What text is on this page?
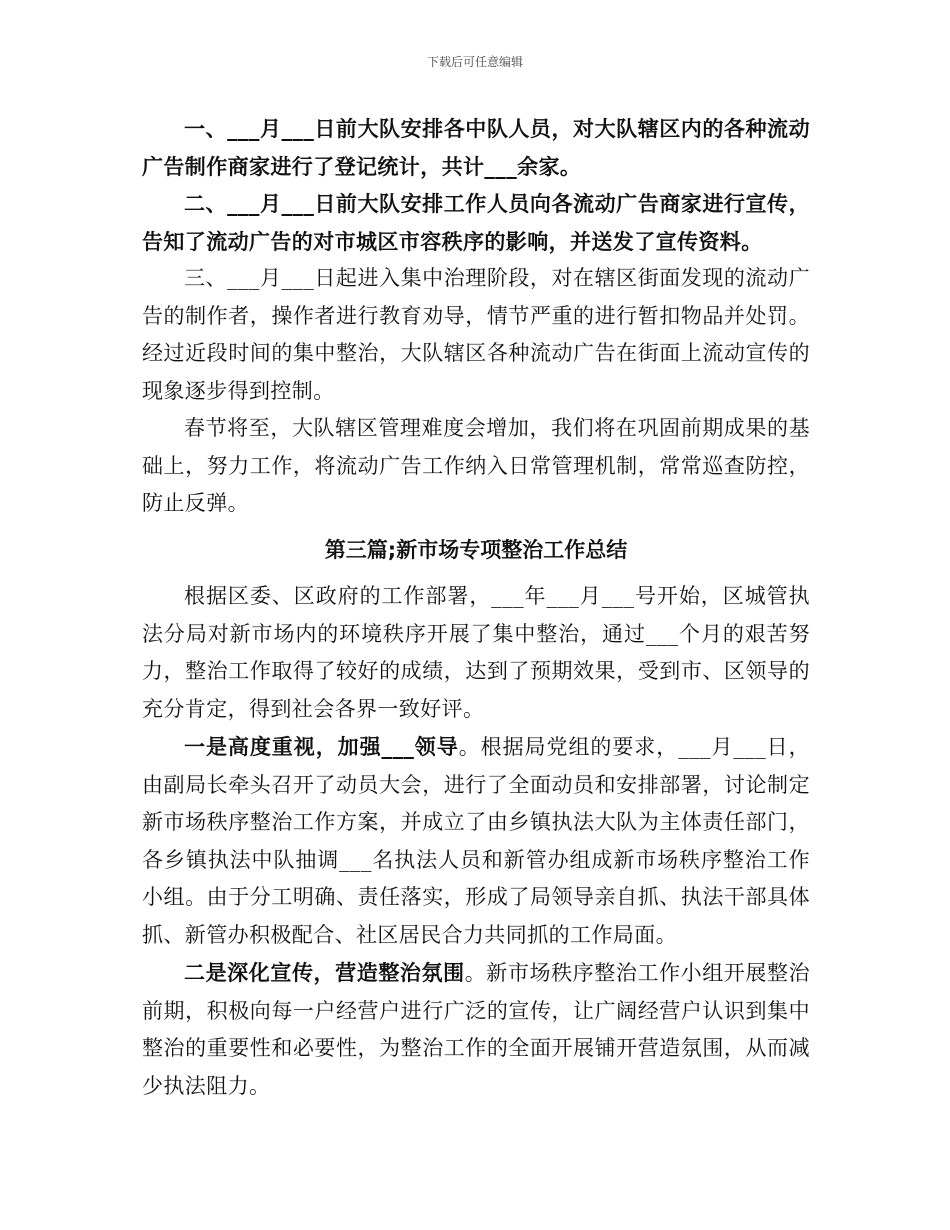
下载后可任意编辑

一、___月___日前大队安排各中队人员，对大队辖区内的各种流动广告制作商家进行了登记统计，共计___余家。

二、___月___日前大队安排工作人员向各流动广告商家进行宣传，告知了流动广告的对市城区市容秩序的影响，并送发了宣传资料。

三、___月___日起进入集中治理阶段，对在辖区街面发现的流动广告的制作者，操作者进行教育劝导，情节严重的进行暂扣物品并处罚。经过近段时间的集中整治，大队辖区各种流动广告在街面上流动宣传的现象逐步得到控制。

春节将至，大队辖区管理难度会增加，我们将在巩固前期成果的基础上，努力工作，将流动广告工作纳入日常管理机制，常常巡查防控，防止反弹。

第三篇;新市场专项整治工作总结

根据区委、区政府的工作部署，___年___月___号开始，区城管执法分局对新市场内的环境秩序开展了集中整治，通过___个月的艰苦努力，整治工作取得了较好的成绩，达到了预期效果，受到市、区领导的充分肯定，得到社会各界一致好评。

一是高度重视，加强___领导。根据局党组的要求，___月___日，由副局长牵头召开了动员大会，进行了全面动员和安排部署，讨论制定新市场秩序整治工作方案，并成立了由乡镇执法大队为主体责任部门，各乡镇执法中队抽调___名执法人员和新管办组成新市场秩序整治工作小组。由于分工明确、责任落实，形成了局领导亲自抓、执法干部具体抓、新管办积极配合、社区居民合力共同抓的工作局面。

二是深化宣传，营造整治氛围。新市场秩序整治工作小组开展整治前期，积极向每一户经营户进行广泛的宣传，让广阔经营户认识到集中整治的重要性和必要性，为整治工作的全面开展铺开营造氛围，从而减少执法阻力。
